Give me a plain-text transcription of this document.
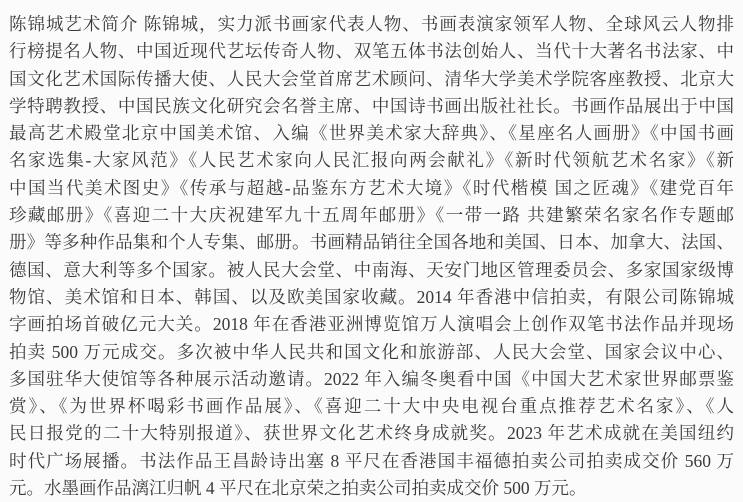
陈锦城艺术简介 陈锦城，实力派书画家代表人物、书画表演家领军人物、全球风云人物排
行榜提名人物、中国近现代艺坛传奇人物、双笔五体书法创始人、当代十大著名书法家、中
国文化艺术国际传播大使、人民大会堂首席艺术顾问、清华大学美术学院客座教授、北京大
学特聘教授、中国民族文化研究会名誉主席、中国诗书画出版社社长。书画作品展出于中国
最高艺术殿堂北京中国美术馆、入编《世界美术家大辞典》、《星座名人画册》《中国书画
名家选集-大家风范》《人民艺术家向人民汇报向两会献礼》《新时代领航艺术名家》《新
中国当代美术图史》《传承与超越-品鉴东方艺术大境》《时代楷模 国之匠魂》《建党百年
珍藏邮册》《喜迎二十大庆祝建军九十五周年邮册》《一带一路 共建繁荣名家名作专题邮
册》等多种作品集和个人专集、邮册。书画精品销往全国各地和美国、日本、加拿大、法国、
德国、意大利等多个国家。被人民大会堂、中南海、天安门地区管理委员会、多家国家级博
物馆、美术馆和日本、韩国、以及欧美国家收藏。2014 年香港中信拍卖，有限公司陈锦城
字画拍场首破亿元大关。2018 年在香港亚洲博览馆万人演唱会上创作双笔书法作品并现场
拍卖 500 万元成交。多次被中华人民共和国文化和旅游部、人民大会堂、国家会议中心、
多国驻华大使馆等各种展示活动邀请。2022 年入编冬奥看中国《中国大艺术家世界邮票鉴
赏》、《为世界杯喝彩书画作品展》、《喜迎二十大中央电视台重点推荐艺术名家》、《人
民日报党的二十大特别报道》、获世界文化艺术终身成就奖。2023 年艺术成就在美国纽约
时代广场展播。书法作品王昌龄诗出塞 8 平尺在香港国丰福德拍卖公司拍卖成交价 560 万
元。水墨画作品漓江归帆 4 平尺在北京荣之拍卖公司拍卖成交价 500 万元。
